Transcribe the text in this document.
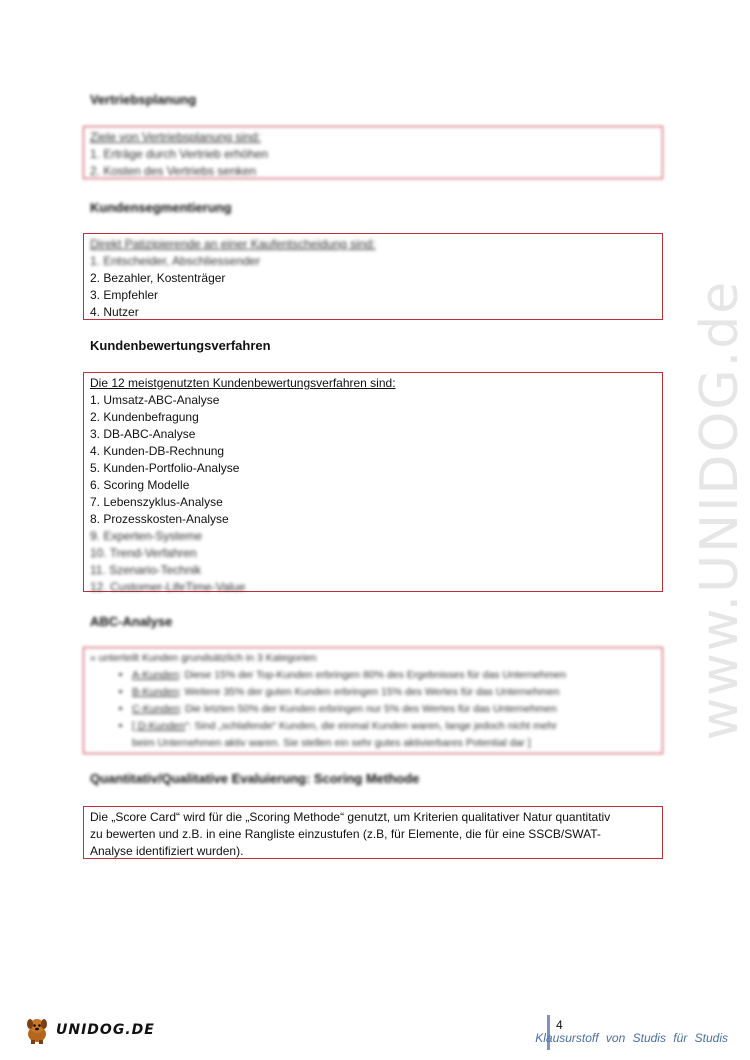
Vertriebsplanung
Ziele von Vertriebsplanung sind:
1. Erträge durch Vertrieb erhöhen
2. Kosten des Vertriebs senken
Kundensegmentierung
Direkt Patizipierende an einer Kaufentscheidung sind:
1. Entscheider, Abschliessender
2. Bezahler, Kostenträger
3. Empfehler
4. Nutzer
Kundenbewertungsverfahren
Die 12 meistgenutzten Kundenbewertungsverfahren sind:
1. Umsatz-ABC-Analyse
2. Kundenbefragung
3. DB-ABC-Analyse
4. Kunden-DB-Rechnung
5. Kunden-Portfolio-Analyse
6. Scoring Modelle
7. Lebenszyklus-Analyse
8. Prozesskosten-Analyse
9. Experten-Systeme
10. Trend-Verfahren
11. Szenario-Technik
12. Customer-LifeTime-Value
ABC-Analyse
» unterteilt Kunden grundsätzlich in 3 Kategorien
• A-Kunden: Diese 15% der Top-Kunden erbringen 80% des Ergebnisses für das Unternehmen
• B-Kunden: Weitere 35% der guten Kunden erbringen 15% des Wertes für das Unternehmen
• C-Kunden: Die letzten 50% der Kunden erbringen nur 5% des Wertes für das Unternehmen
• [ D-Kunden“: Sind „schlafende“ Kunden, die einmal Kunden waren, lange jedoch nicht mehr
beim Unternehmen aktiv waren. Sie stellen ein sehr gutes aktivierbares Potential dar ]
Quantitativ/Qualitative Evaluierung: Scoring Methode
Die „Score Card“ wird für die „Scoring Methode“ genutzt, um Kriterien qualitativer Natur quantitativ
zu bewerten und z.B. in eine Rangliste einzustufen (z.B, für Elemente, die für eine SSCB/SWAT-
Analyse identifiziert wurden).
www.UNIDOG.de
UNIDOG.DE	4
Klausurstoff von Studis für Studis
